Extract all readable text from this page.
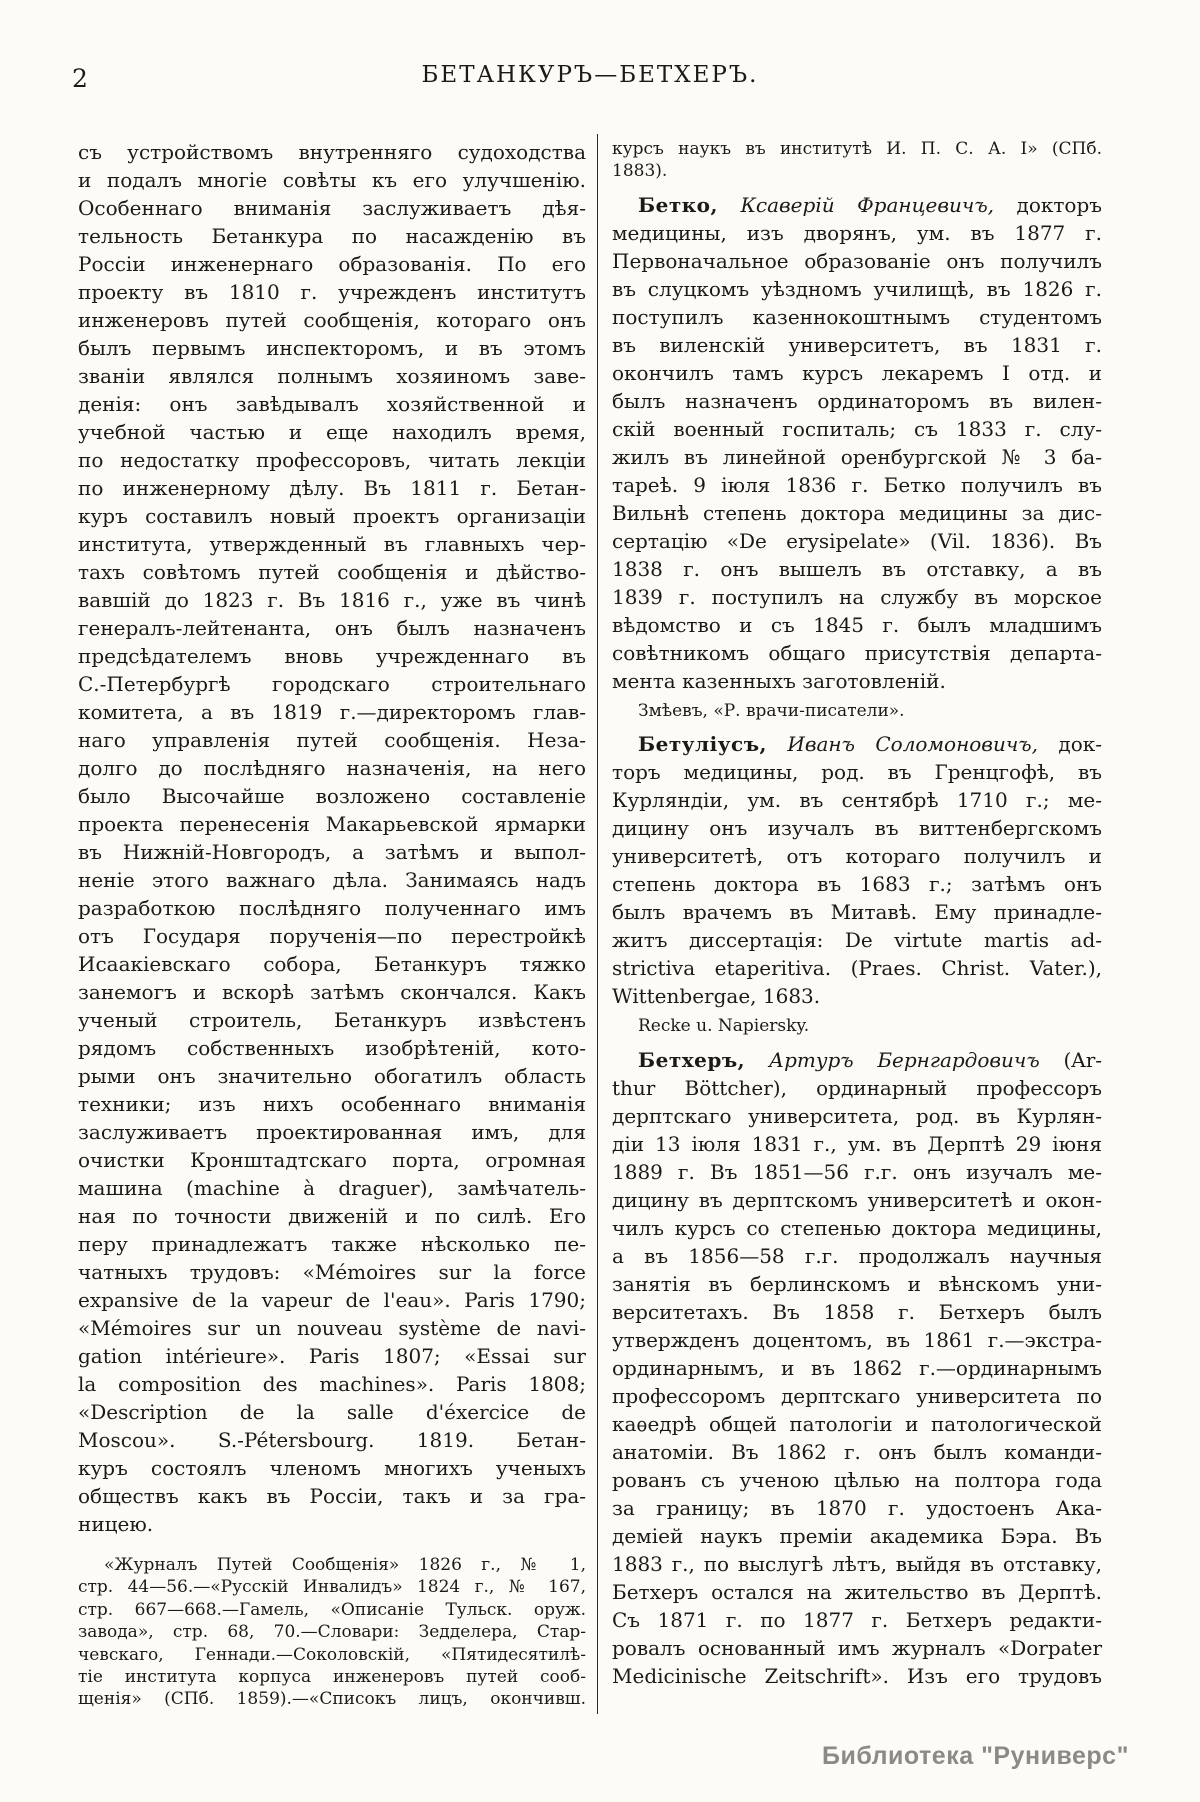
2	БЕТАНКУРЪ—БЕТХЕРЪ.
съ устройствомъ внутренняго судоходства
и подалъ многіе совѣты къ его улучшенію.
Особеннаго вниманія заслуживаетъ дѣя-
тельность Бетанкура по насажденію въ
Россіи инженернаго образованія. По его
проекту въ 1810 г. учрежденъ институтъ
инженеровъ путей сообщенія, котораго онъ
былъ первымъ инспекторомъ, и въ этомъ
званіи являлся полнымъ хозяиномъ заве-
денія: онъ завѣдывалъ хозяйственной и
учебной частью и еще находилъ время,
по недостатку профессоровъ, читать лекціи
по инженерному дѣлу. Въ 1811 г. Бетан-
куръ составилъ новый проектъ организаціи
института, утвержденный въ главныхъ чер-
тахъ совѣтомъ путей сообщенія и дѣйство-
вавшій до 1823 г. Въ 1816 г., уже въ чинѣ
генералъ-лейтенанта, онъ былъ назначенъ
предсѣдателемъ вновь учрежденнаго въ
С.-Петербургѣ городскаго строительнаго
комитета, а въ 1819 г.—директоромъ глав-
наго управленія путей сообщенія. Неза-
долго до послѣдняго назначенія, на него
было Высочайше возложено составленіе
проекта перенесенія Макарьевской ярмарки
въ Нижній-Новгородъ, а затѣмъ и выпол-
неніе этого важнаго дѣла. Занимаясь надъ
разработкою послѣдняго полученнаго имъ
отъ Государя порученія—по перестройкѣ
Исаакіевскаго собора, Бетанкуръ тяжко
занемогъ и вскорѣ затѣмъ скончался. Какъ
ученый строитель, Бетанкуръ извѣстенъ
рядомъ собственныхъ изобрѣтеній, кото-
рыми онъ значительно обогатилъ область
техники; изъ нихъ особеннаго вниманія
заслуживаетъ проектированная имъ, для
очистки Кронштадтскаго порта, огромная
машина (machine à draguer), замѣчатель-
ная по точности движеній и по силѣ. Его
перу принадлежатъ также нѣсколько пе-
чатныхъ трудовъ: «Mémoires sur la force
expansive de la vapeur de l'eau». Paris 1790;
«Mémoires sur un nouveau système de navi-
gation intérieure». Paris 1807; «Essai sur
la composition des machines». Paris 1808;
«Description de la salle d'éxercice de
Moscou». S.-Pétersbourg. 1819. Бетан-
куръ состоялъ членомъ многихъ ученыхъ
обществъ какъ въ Россіи, такъ и за гра-
ницею.
«Журналъ Путей Сообщенія» 1826 г., № 1,
стр. 44—56.—«Русскій Инвалидъ» 1824 г., № 167,
стр. 667—668.—Гамель, «Описаніе Тульск. оруж.
завода», стр. 68, 70.—Словари: Зедделера, Стар-
чевскаго, Геннади.—Соколовскій, «Пятидесятилѣ-
тіе института корпуса инженеровъ путей сооб-
щенія» (СПб. 1859).—«Списокъ лицъ, окончивш.
курсъ наукъ въ институтѣ И. П. С. А. I» (СПб.
1883).
Бетко, Ксаверій Францевичъ, докторъ
медицины, изъ дворянъ, ум. въ 1877 г.
Первоначальное образованіе онъ получилъ
въ слуцкомъ уѣздномъ училищѣ, въ 1826 г.
поступилъ казеннокоштнымъ студентомъ
въ виленскій университетъ, въ 1831 г.
окончилъ тамъ курсъ лекаремъ I отд. и
былъ назначенъ ординаторомъ въ вилен-
скій военный госпиталь; съ 1833 г. слу-
жилъ въ линейной оренбургской № 3 ба-
тареѣ. 9 іюля 1836 г. Бетко получилъ въ
Вильнѣ степень доктора медицины за дис-
сертацію «De erysipelate» (Vil. 1836). Въ
1838 г. онъ вышелъ въ отставку, а въ
1839 г. поступилъ на службу въ морское
вѣдомство и съ 1845 г. былъ младшимъ
совѣтникомъ общаго присутствія департа-
мента казенныхъ заготовленій.
Змѣевъ, «Р. врачи-писатели».
Бетуліусъ, Иванъ Соломоновичъ, док-
торъ медицины, род. въ Гренцгофѣ, въ
Курляндіи, ум. въ сентябрѣ 1710 г.; ме-
дицину онъ изучалъ въ виттенбергскомъ
университетѣ, отъ котораго получилъ и
степень доктора въ 1683 г.; затѣмъ онъ
былъ врачемъ въ Митавѣ. Ему принадле-
житъ диссертація: De virtute martis ad-
strictiva etaperitiva. (Praes. Christ. Vater.),
Wittenbergae, 1683.
Recke u. Napiersky.
Бетхеръ, Артуръ Бернгардовичъ (Ar-
thur Böttcher), ординарный профессоръ
дерптскаго университета, род. въ Курлян-
діи 13 іюля 1831 г., ум. въ Дерптѣ 29 іюня
1889 г. Въ 1851—56 г.г. онъ изучалъ ме-
дицину въ дерптскомъ университетѣ и окон-
чилъ курсъ со степенью доктора медицины,
а въ 1856—58 г.г. продолжалъ научныя
занятія въ берлинскомъ и вѣнскомъ уни-
верситетахъ. Въ 1858 г. Бетхеръ былъ
утвержденъ доцентомъ, въ 1861 г.—экстра-
ординарнымъ, и въ 1862 г.—ординарнымъ
профессоромъ дерптскаго университета по
каѳедрѣ общей патологіи и патологической
анатоміи. Въ 1862 г. онъ былъ команди-
рованъ съ ученою цѣлью на полтора года
за границу; въ 1870 г. удостоенъ Ака-
деміей наукъ преміи академика Бэра. Въ
1883 г., по выслугѣ лѣтъ, выйдя въ отставку,
Бетхеръ остался на жительство въ Дерптѣ.
Съ 1871 г. по 1877 г. Бетхеръ редакти-
ровалъ основанный имъ журналъ «Dorpater
Medicinische Zeitschrift». Изъ его трудовъ
Библиотека "Руниверс"
